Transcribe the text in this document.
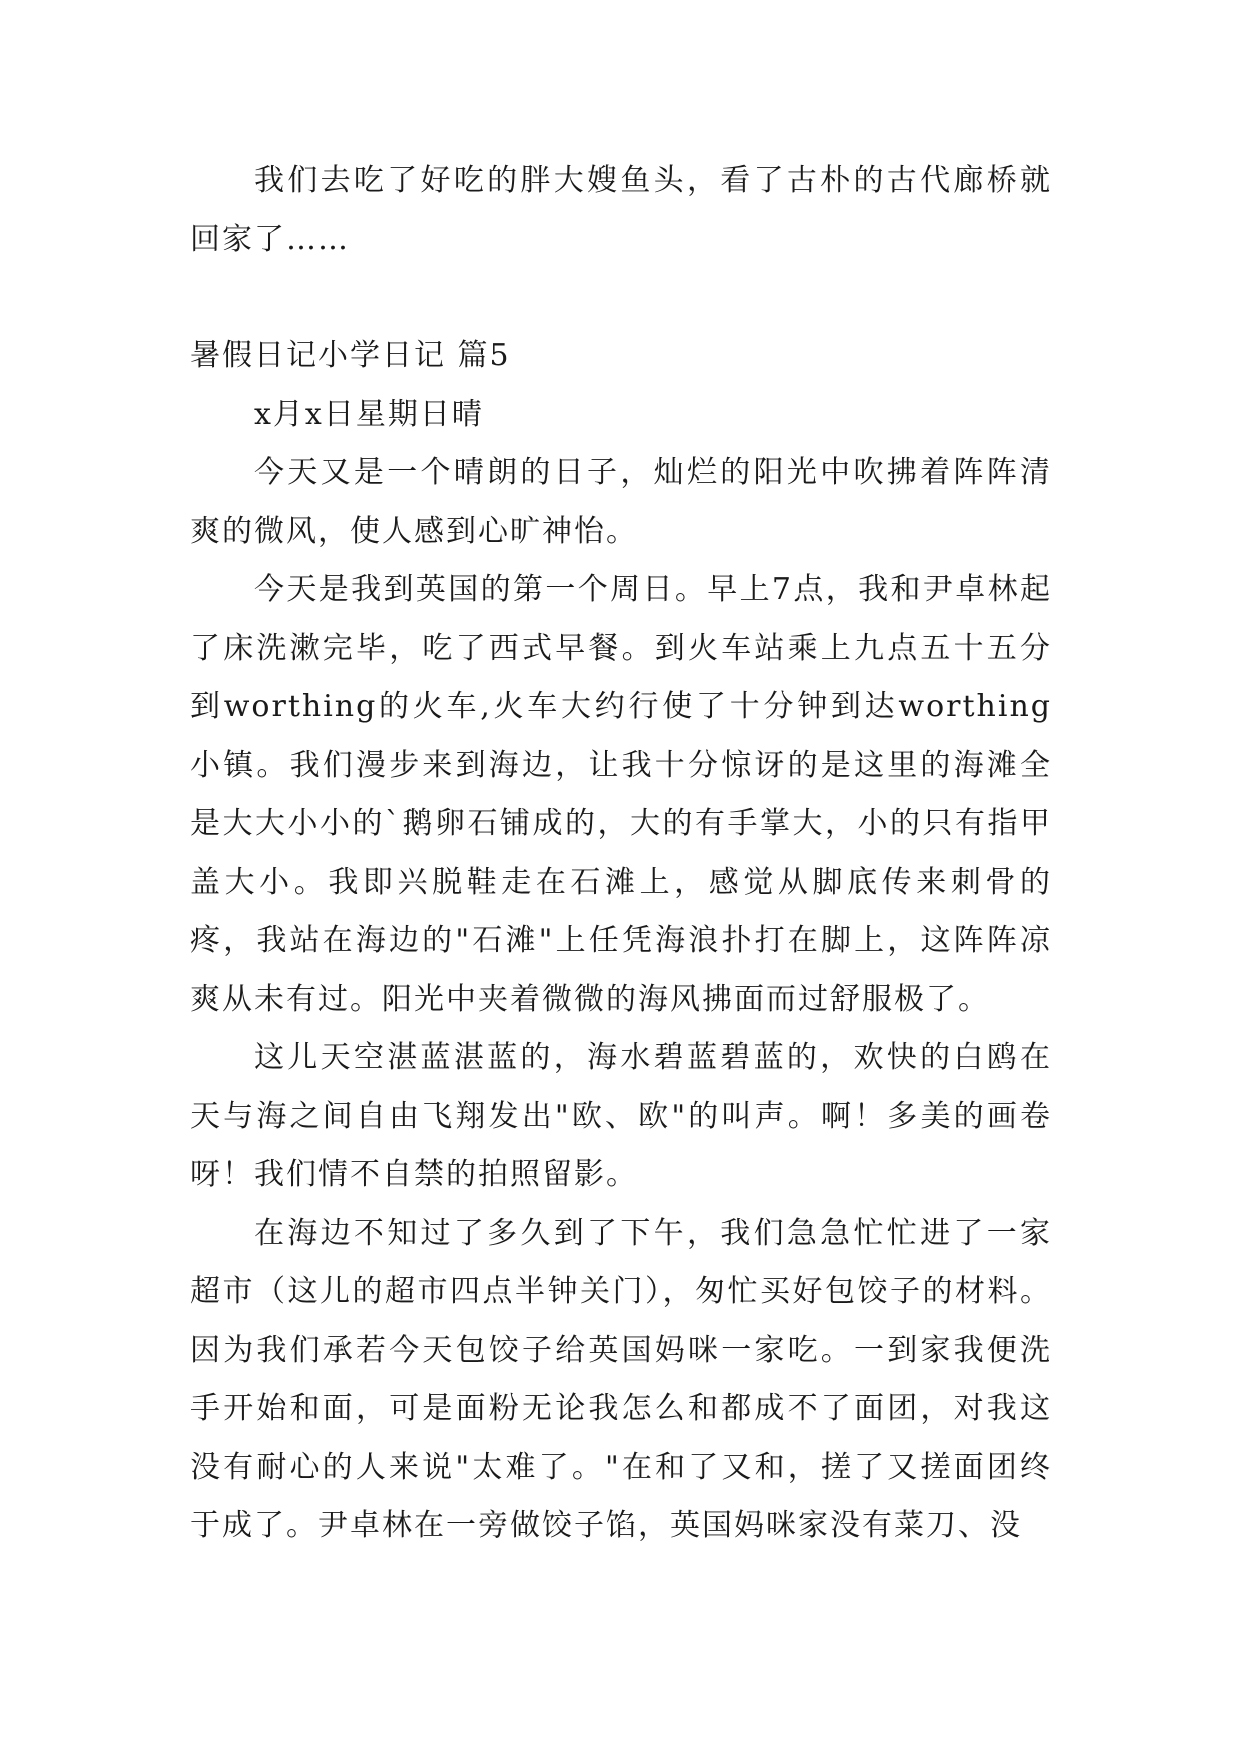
我们去吃了好吃的胖大嫂鱼头，看了古朴的古代廊桥就回家了……

暑假日记小学日记 篇5

x月x日星期日晴

今天又是一个晴朗的日子，灿烂的阳光中吹拂着阵阵清爽的微风，使人感到心旷神怡。

今天是我到英国的第一个周日。早上7点，我和尹卓林起了床洗漱完毕，吃了西式早餐。到火车站乘上九点五十五分到worthing的火车,火车大约行使了十分钟到达worthing小镇。我们漫步来到海边，让我十分惊讶的是这里的海滩全是大大小小的`鹅卵石铺成的，大的有手掌大，小的只有指甲盖大小。我即兴脱鞋走在石滩上，感觉从脚底传来刺骨的疼，我站在海边的"石滩"上任凭海浪扑打在脚上，这阵阵凉爽从未有过。阳光中夹着微微的海风拂面而过舒服极了。

这儿天空湛蓝湛蓝的，海水碧蓝碧蓝的，欢快的白鸥在天与海之间自由飞翔发出"欧、欧"的叫声。啊！多美的画卷呀！我们情不自禁的拍照留影。

在海边不知过了多久到了下午，我们急急忙忙进了一家超市（这儿的超市四点半钟关门），匆忙买好包饺子的材料。因为我们承若今天包饺子给英国妈咪一家吃。一到家我便洗手开始和面，可是面粉无论我怎么和都成不了面团，对我这没有耐心的人来说"太难了。"在和了又和，搓了又搓面团终于成了。尹卓林在一旁做饺子馅，英国妈咪家没有菜刀、没
